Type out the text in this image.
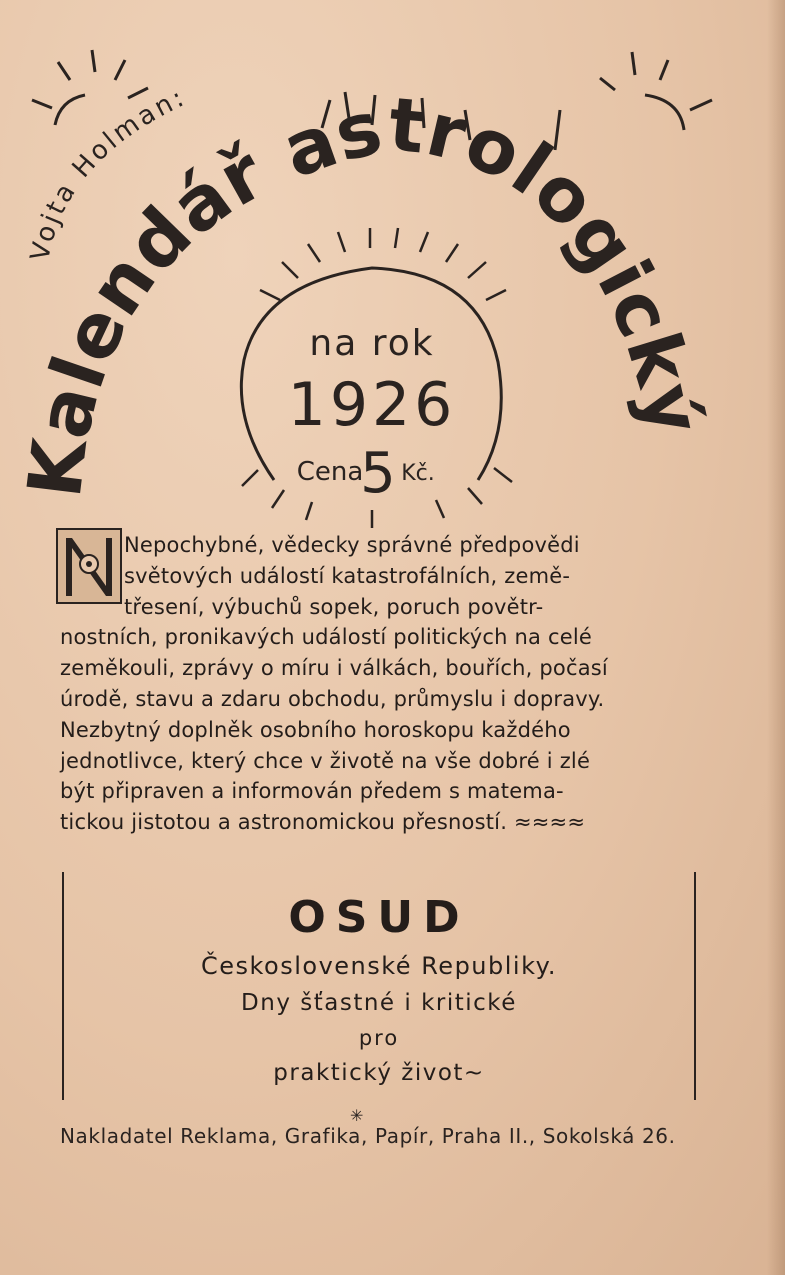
Vojta Holman:
Kalendář astrologický
na rok
1926
Cena
5 Kč.
Nepochybné, vědecky správné předpovědi
světových událostí katastrofálních, země-
třesení, výbuchů sopek, poruch povětr-
nostních, pronikavých událostí politických na celé
zeměkouli, zprávy o míru i válkách, bouřích, počasí
úrodě, stavu a zdaru obchodu, průmyslu i dopravy.
Nezbytný doplněk osobního horoskopu každého
jednotlivce, který chce v životě na vše dobré i zlé
být připraven a informován předem s matema-
tickou jistotou a astronomickou přesností. ≈≈≈≈
OSUD
Československé Republiky.
Dny šťastné i kritické
pro
praktický život~
✳
Nakladatel Reklama, Grafika, Papír, Praha II., Sokolská 26.
